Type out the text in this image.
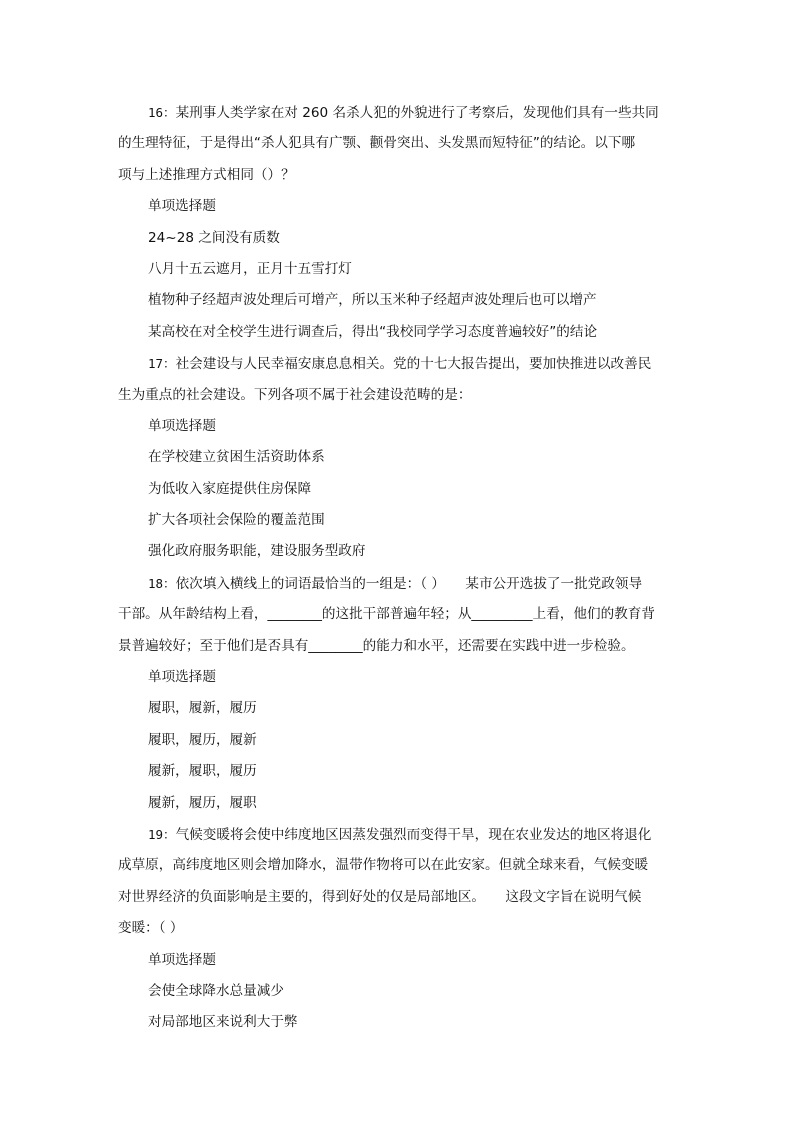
16：某刑事人类学家在对 260 名杀人犯的外貌进行了考察后，发现他们具有一些共同
的生理特征，于是得出“杀人犯具有广颚、颧骨突出、头发黑而短特征”的结论。以下哪
项与上述推理方式相同（）？
单项选择题
24~28 之间没有质数
八月十五云遮月，正月十五雪打灯
植物种子经超声波处理后可增产，所以玉米种子经超声波处理后也可以增产
某高校在对全校学生进行调查后，得出“我校同学学习态度普遍较好”的结论
17：社会建设与人民幸福安康息息相关。党的十七大报告提出，要加快推进以改善民
生为重点的社会建设。下列各项不属于社会建设范畴的是：
单项选择题
在学校建立贫困生活资助体系
为低收入家庭提供住房保障
扩大各项社会保险的覆盖范围
强化政府服务职能，建设服务型政府
18：依次填入横线上的词语最恰当的一组是：（ ）　　某市公开选拔了一批党政领导
干部。从年龄结构上看，________的这批干部普遍年轻；从_________上看，他们的教育背
景普遍较好；至于他们是否具有________的能力和水平，还需要在实践中进一步检验。
单项选择题
履职，履新，履历
履职，履历，履新
履新，履职，履历
履新，履历，履职
19：气候变暖将会使中纬度地区因蒸发强烈而变得干旱，现在农业发达的地区将退化
成草原，高纬度地区则会增加降水，温带作物将可以在此安家。但就全球来看，气候变暖
对世界经济的负面影响是主要的，得到好处的仅是局部地区。　　这段文字旨在说明气候
变暖：（ ）
单项选择题
会使全球降水总量减少
对局部地区来说利大于弊
